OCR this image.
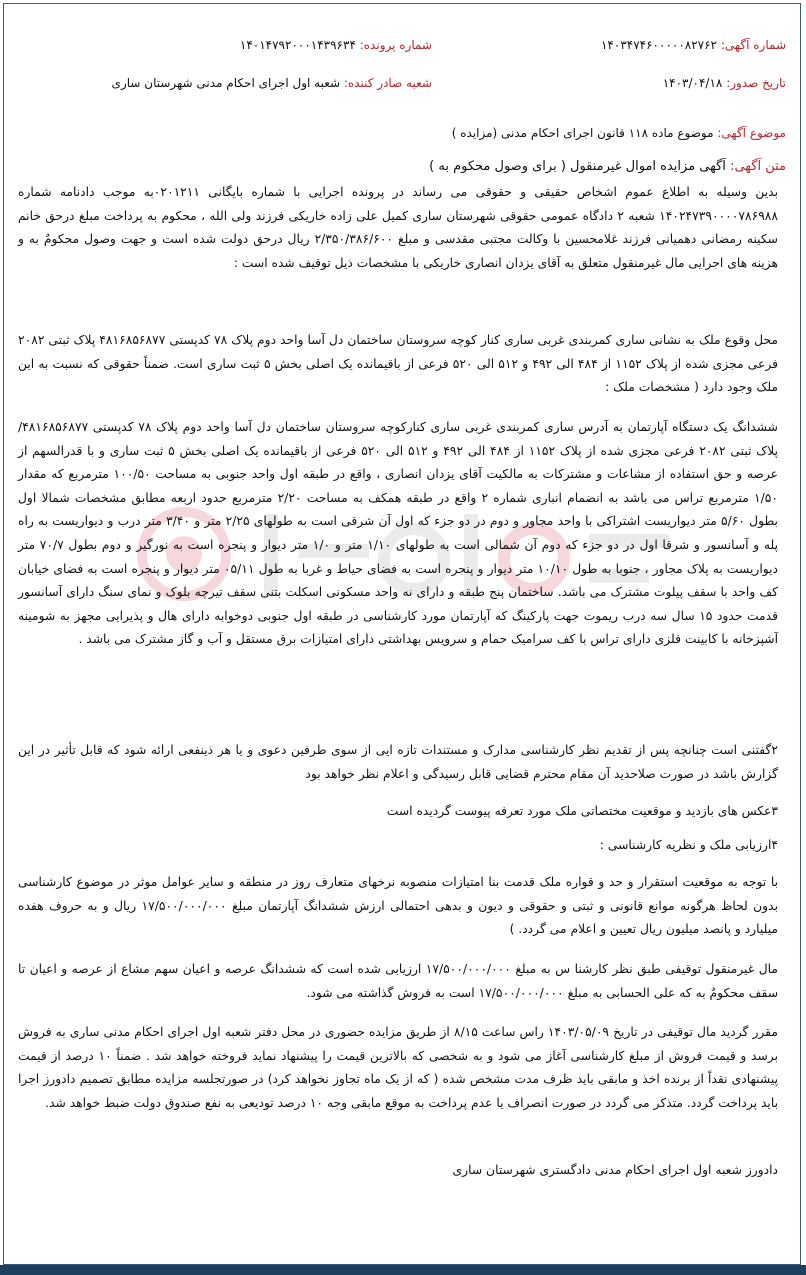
شماره آگهی: ۱۴۰۳۴۷۴۶۰۰۰۰۰۸۲۷۶۲
شماره پرونده: ۱۴۰۱۴۷۹۲۰۰۰۱۴۳۹۶۳۴
تاریخ صدور: ۱۴۰۳/۰۴/۱۸
شعبه صادر کننده: شعبه اول اجرای احکام مدنی شهرستان ساری
موضوع آگهی: موضوع ماده ۱۱۸ قانون اجرای احکام مدنی (مزایده )
متن آگهی: آگهی مزایده اموال غیرمنقول ( برای وصول محکوم به )
بدین وسیله به اطلاع عموم اشخاص حقیقی و حقوقی می رساند در پرونده اجرایی با شماره بایگانی ۰۲۰۱۲۱۱به موجب دادنامه شماره ۱۴۰۲۴۷۳۹۰۰۰۰۷۸۶۹۸۸ شعبه ۲ دادگاه عمومی حقوقی شهرستان ساری کمیل علی زاده خاریکی فرزند ولی الله ، محکوم به پرداخت مبلغ درحق خانم سکینه رمضانی دهمیانی فرزند غلامحسین با وکالت مجتبی مقدسی و مبلغ ۲/۳۵۰/۳۸۶/۶۰۰ ریال درحق دولت شده است و جهت وصول محکومٌ به و هزینه های اجرایی مال غیرمنقول متعلق به آقای یزدان انصاری خاریکی با مشخصات ذیل توقیف شده است :
محل وقوع ملک به نشانی ساری کمربندی غربی ساری کنار کوچه سروستان ساختمان دل آسا واحد دوم پلاک ۷۸ کدپستی ۴۸۱۶۸۵۶۸۷۷ پلاک ثبتی ۲۰۸۲ فرعی مجزی شده از پلاک ۱۱۵۲ از ۴۸۴ الی ۴۹۲ و ۵۱۲ الی ۵۲۰ فرعی از باقیمانده یک اصلی بخش ۵ ثبت ساری است. ضمناً حقوقی که نسبت به این ملک وجود دارد ( مشخصات ملک :
ششدانگ یک دستگاه آپارتمان به آدرس ساری کمربندی غربی ساری کنارکوچه سروستان ساختمان دل آسا واحد دوم پلاک ۷۸ کدپستی ۴۸۱۶۸۵۶۸۷۷/پلاک ثبتی ۲۰۸۲ فرعی مجزی شده از پلاک ۱۱۵۲ از ۴۸۴ الی ۴۹۲ و ۵۱۲ الی ۵۲۰ فرعی از باقیمانده یک اصلی بخش ۵ ثبت ساری و با قدرالسهم از عرصه و حق استفاده از مشاعات و مشترکات به مالکیت آقای یزدان انصاری ، واقع در طبقه اول واحد جنوبی به مساحت ۱۰۰/۵۰ مترمربع که مقدار ۱/۵۰ مترمربع تراس می باشد به انضمام انباری شماره ۲ واقع در طبقه همکف به مساحت ۲/۲۰ مترمربع حدود اربعه مطابق مشخصات شمالا اول بطول ۵/۶۰ متر دیواریست اشتراکی با واحد مجاور و دوم در دو جزء که اول آن شرقی است به طولهای ۲/۲۵ متر و ۳/۴۰ متر درب و دیواریست به راه پله و آسانسور و شرقا اول در دو جزء که دوم آن شمالی است به طولهای ۱/۱۰ متر و ۱/۰ متر دیوار و پنجره است به نورگیر و دوم بطول ۷۰/۷ متر دیواریست به پلاک مجاور ، جنوبا به طول ۱۰/۱۰ متر دیوار و پنجره است به فضای حیاط و غربا به طول ۰۵/۱۱ متر دیوار و پنجره است به فضای خیابان کف واحد با سقف پیلوت مشترک می باشد. ساختمان پنج طبقه و دارای نه واحد مسکونی اسکلت بتنی سقف تیرچه بلوک و نمای سنگ دارای آسانسور قدمت حدود ۱۵ سال سه درب ریموت جهت پارکینگ که آپارتمان مورد کارشناسی در طبقه اول جنوبی دوخوابه دارای هال و پذیرایی مجهز به شومینه آشپزخانه با کابینت فلزی دارای تراس با کف سرامیک حمام و سرویس بهداشتی دارای امتیازات برق مستقل و آب و گاز مشترک می باشد .
۲گفتنی است چنانچه پس از تقدیم نظر کارشناسی مدارک و مستندات تازه ایی از سوی طرفین دعوی و یا هر ذینفعی ارائه شود که قابل تأثیر در این گزارش باشد در صورت صلاحدید آن مقام محترم قضایی قابل رسیدگی و اعلام نظر خواهد بود
۳عکس های بازدید و موقعیت مختصاتی ملک مورد تعرفه پیوست گردیده است
۴ارزیابی ملک و نظریه کارشناسی :
با توجه به موقعیت استقرار و حد و قواره ملک قدمت بنا امتیازات منصوبه نرخهای متعارف روز در منطقه و سایر عوامل موثر در موضوع کارشناسی بدون لحاظ هرگونه موانع قانونی و ثبتی و حقوقی و دیون و بدهی احتمالی ارزش ششدانگ آپارتمان مبلغ ۱۷/۵۰۰/۰۰۰/۰۰۰ ریال و به حروف هفده میلیارد و پانصد میلیون ریال تعیین و اعلام می گردد. )
مال غیرمنقول توقیفی طبق نظر کارشنا س به مبلغ ۱۷/۵۰۰/۰۰۰/۰۰۰ ارزیابی شده است که ششدانگ عرصه و اعیان سهم مشاع از عرصه و اعیان تا سقف محکومٌ به که علی الحسابی به مبلغ ۱۷/۵۰۰/۰۰۰/۰۰۰ است به فروش گذاشته می شود.
مقرر گردید مال توقیفی در تاریخ ۱۴۰۳/۰۵/۰۹ راس ساعت ۸/۱۵ از طریق مزایده حضوری در محل دفتر شعبه اول اجرای احکام مدنی ساری به فروش برسد و قیمت فروش از مبلغ کارشناسی آغاز می شود و به شخصی که بالاترین قیمت را پیشنهاد نماید فروخته خواهد شد . ضمناً ۱۰ درصد از قیمت پیشنهادی نقداً از برنده اخذ و مابقی باید ظرف مدت مشخص شده ( که از یک ماه تجاوز نخواهد کرد) در صورتجلسه مزایده مطابق تصمیم دادورز اجرا باید پرداخت گردد. متذکر می گردد در صورت انصراف یا عدم پرداخت به موقع مابقی وجه ۱۰ درصد تودیعی به نفع صندوق دولت ضبط خواهد شد.
دادورز شعبه اول اجرای احکام مدنی دادگستری شهرستان ساری
